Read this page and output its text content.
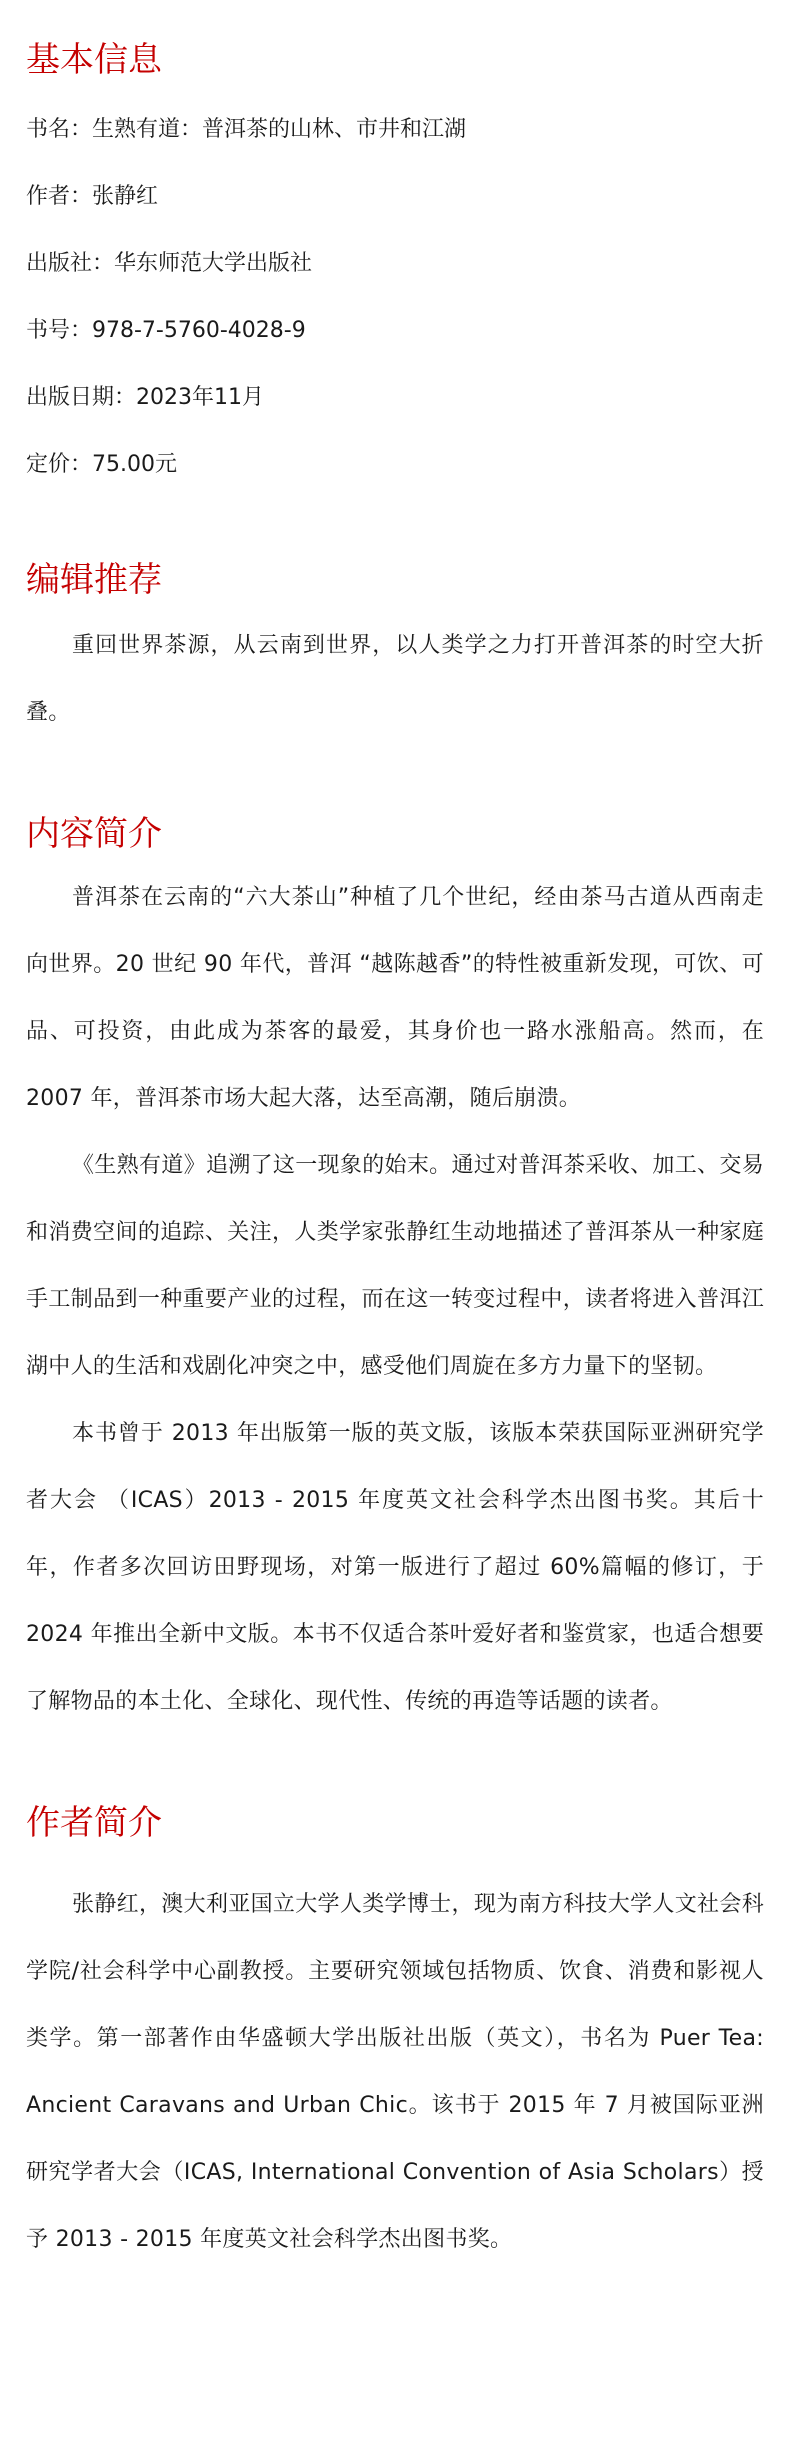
基本信息

书名：生熟有道：普洱茶的山林、市井和江湖

作者：张静红

出版社：华东师范大学出版社

书号：978-7-5760-4028-9

出版日期：2023年11月

定价：75.00元

编辑推荐

重回世界茶源，从云南到世界，以人类学之力打开普洱茶的时空大折叠。

内容简介

普洱茶在云南的“六大茶山”种植了几个世纪，经由茶马古道从西南走向世界。20 世纪 90 年代，普洱 “越陈越香”的特性被重新发现，可饮、可品、可投资，由此成为茶客的最爱，其身价也一路水涨船高。然而，在 2007 年，普洱茶市场大起大落，达至高潮，随后崩溃。

《生熟有道》追溯了这一现象的始末。通过对普洱茶采收、加工、交易和消费空间的追踪、关注，人类学家张静红生动地描述了普洱茶从一种家庭手工制品到一种重要产业的过程，而在这一转变过程中，读者将进入普洱江湖中人的生活和戏剧化冲突之中，感受他们周旋在多方力量下的坚韧。

本书曾于 2013 年出版第一版的英文版，该版本荣获国际亚洲研究学者大会 （ICAS）2013 - 2015 年度英文社会科学杰出图书奖。其后十年，作者多次回访田野现场，对第一版进行了超过 60%篇幅的修订，于 2024 年推出全新中文版。本书不仅适合茶叶爱好者和鉴赏家，也适合想要了解物品的本土化、全球化、现代性、传统的再造等话题的读者。

作者简介

张静红，澳大利亚国立大学人类学博士，现为南方科技大学人文社会科学院/社会科学中心副教授。主要研究领域包括物质、饮食、消费和影视人类学。第一部著作由华盛顿大学出版社出版（英文），书名为 Puer Tea: Ancient Caravans and Urban Chic。该书于 2015 年 7 月被国际亚洲研究学者大会（ICAS, International Convention of Asia Scholars）授予 2013 - 2015 年度英文社会科学杰出图书奖。
